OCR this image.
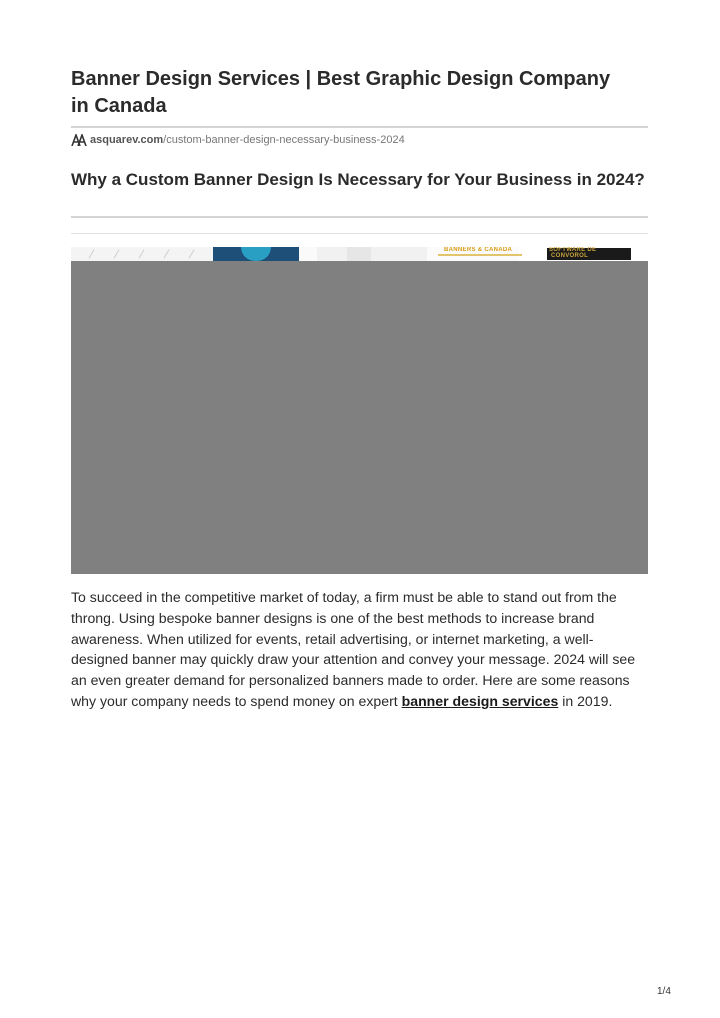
Banner Design Services | Best Graphic Design Company in Canada
asquarev.com /custom-banner-design-necessary-business-2024
Why a Custom Banner Design Is Necessary for Your Business in 2024?
BANNERS & CANADA	SOFTWARE DE
CONVOROL

To succeed in the competitive market of today, a firm must be able to stand out from the throng. Using bespoke banner designs is one of the best methods to increase brand awareness. When utilized for events, retail advertising, or internet marketing, a well-designed banner may quickly draw your attention and convey your message. 2024 will see an even greater demand for personalized banners made to order. Here are some reasons why your company needs to spend money on expert banner design services in 2019.

1/4
